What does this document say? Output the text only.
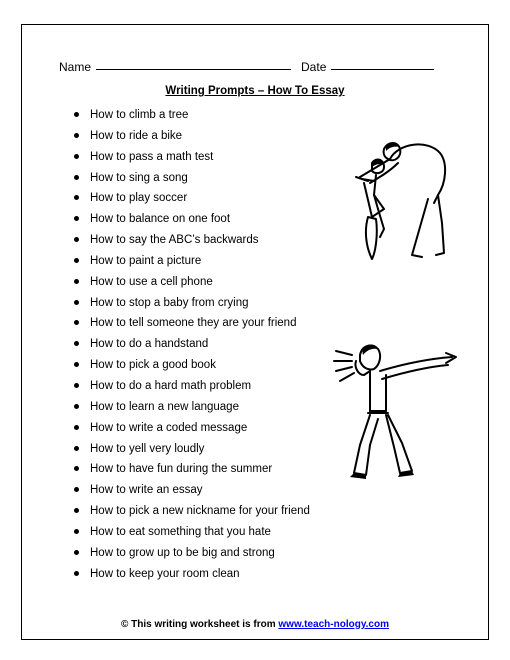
Name	Date
Writing Prompts – How To Essay
How to climb a tree
How to ride a bike
How to pass a math test
How to sing a song
How to play soccer
How to balance on one foot
How to say the ABC’s backwards
How to paint a picture
How to use a cell phone
How to stop a baby from crying
How to tell someone they are your friend
How to do a handstand
How to pick a good book
How to do a hard math problem
How to learn a new language
How to write a coded message
How to yell very loudly
How to have fun during the summer
How to write an essay
How to pick a new nickname for your friend
How to eat something that you hate
How to grow up to be big and strong
How to keep your room clean
© This writing worksheet is from www.teach-nology.com
